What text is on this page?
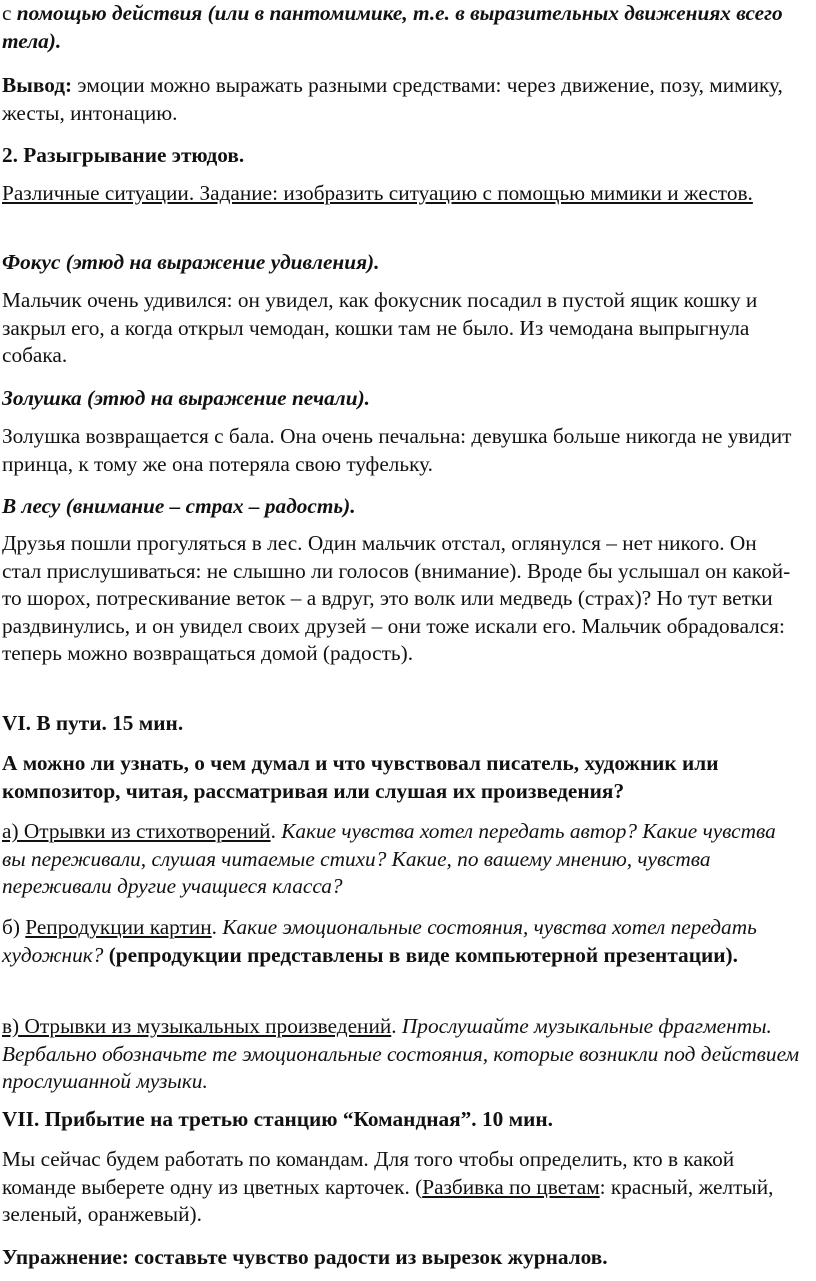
с помощью действия (или в пантомимике, т.е. в выразительных движениях всего тела).

Вывод: эмоции можно выражать разными средствами: через движение, позу, мимику, жесты, интонацию.

2. Разыгрывание этюдов.

Различные ситуации. Задание: изобразить ситуацию с помощью мимики и жестов.

Фокус (этюд на выражение удивления).

Мальчик очень удивился: он увидел, как фокусник посадил в пустой ящик кошку и закрыл его, а когда открыл чемодан, кошки там не было. Из чемодана выпрыгнула собака.

Золушка (этюд на выражение печали).

Золушка возвращается с бала. Она очень печальна: девушка больше никогда не увидит принца, к тому же она потеряла свою туфельку.

В лесу (внимание – страх – радость).

Друзья пошли прогуляться в лес. Один мальчик отстал, оглянулся – нет никого. Он стал прислушиваться: не слышно ли голосов (внимание). Вроде бы услышал он какой-то шорох, потрескивание веток – а вдруг, это волк или медведь (страх)? Но тут ветки раздвинулись, и он увидел своих друзей – они тоже искали его. Мальчик обрадовался: теперь можно возвращаться домой (радость).

VI. В пути. 15 мин.

А можно ли узнать, о чем думал и что чувствовал писатель, художник или композитор, читая, рассматривая или слушая их произведения?

а) Отрывки из стихотворений. Какие чувства хотел передать автор? Какие чувства вы переживали, слушая читаемые стихи? Какие, по вашему мнению, чувства переживали другие учащиеся класса?

б) Репродукции картин. Какие эмоциональные состояния, чувства хотел передать художник? (репродукции представлены в виде компьютерной презентации).

в) Отрывки из музыкальных произведений. Прослушайте музыкальные фрагменты. Вербально обозначьте те эмоциональные состояния, которые возникли под действием прослушанной музыки.

VII. Прибытие на третью станцию “Командная”. 10 мин.

Мы сейчас будем работать по командам. Для того чтобы определить, кто в какой команде выберете одну из цветных карточек. (Разбивка по цветам: красный, желтый, зеленый, оранжевый).

Упражнение: составьте чувство радости из вырезок журналов.
